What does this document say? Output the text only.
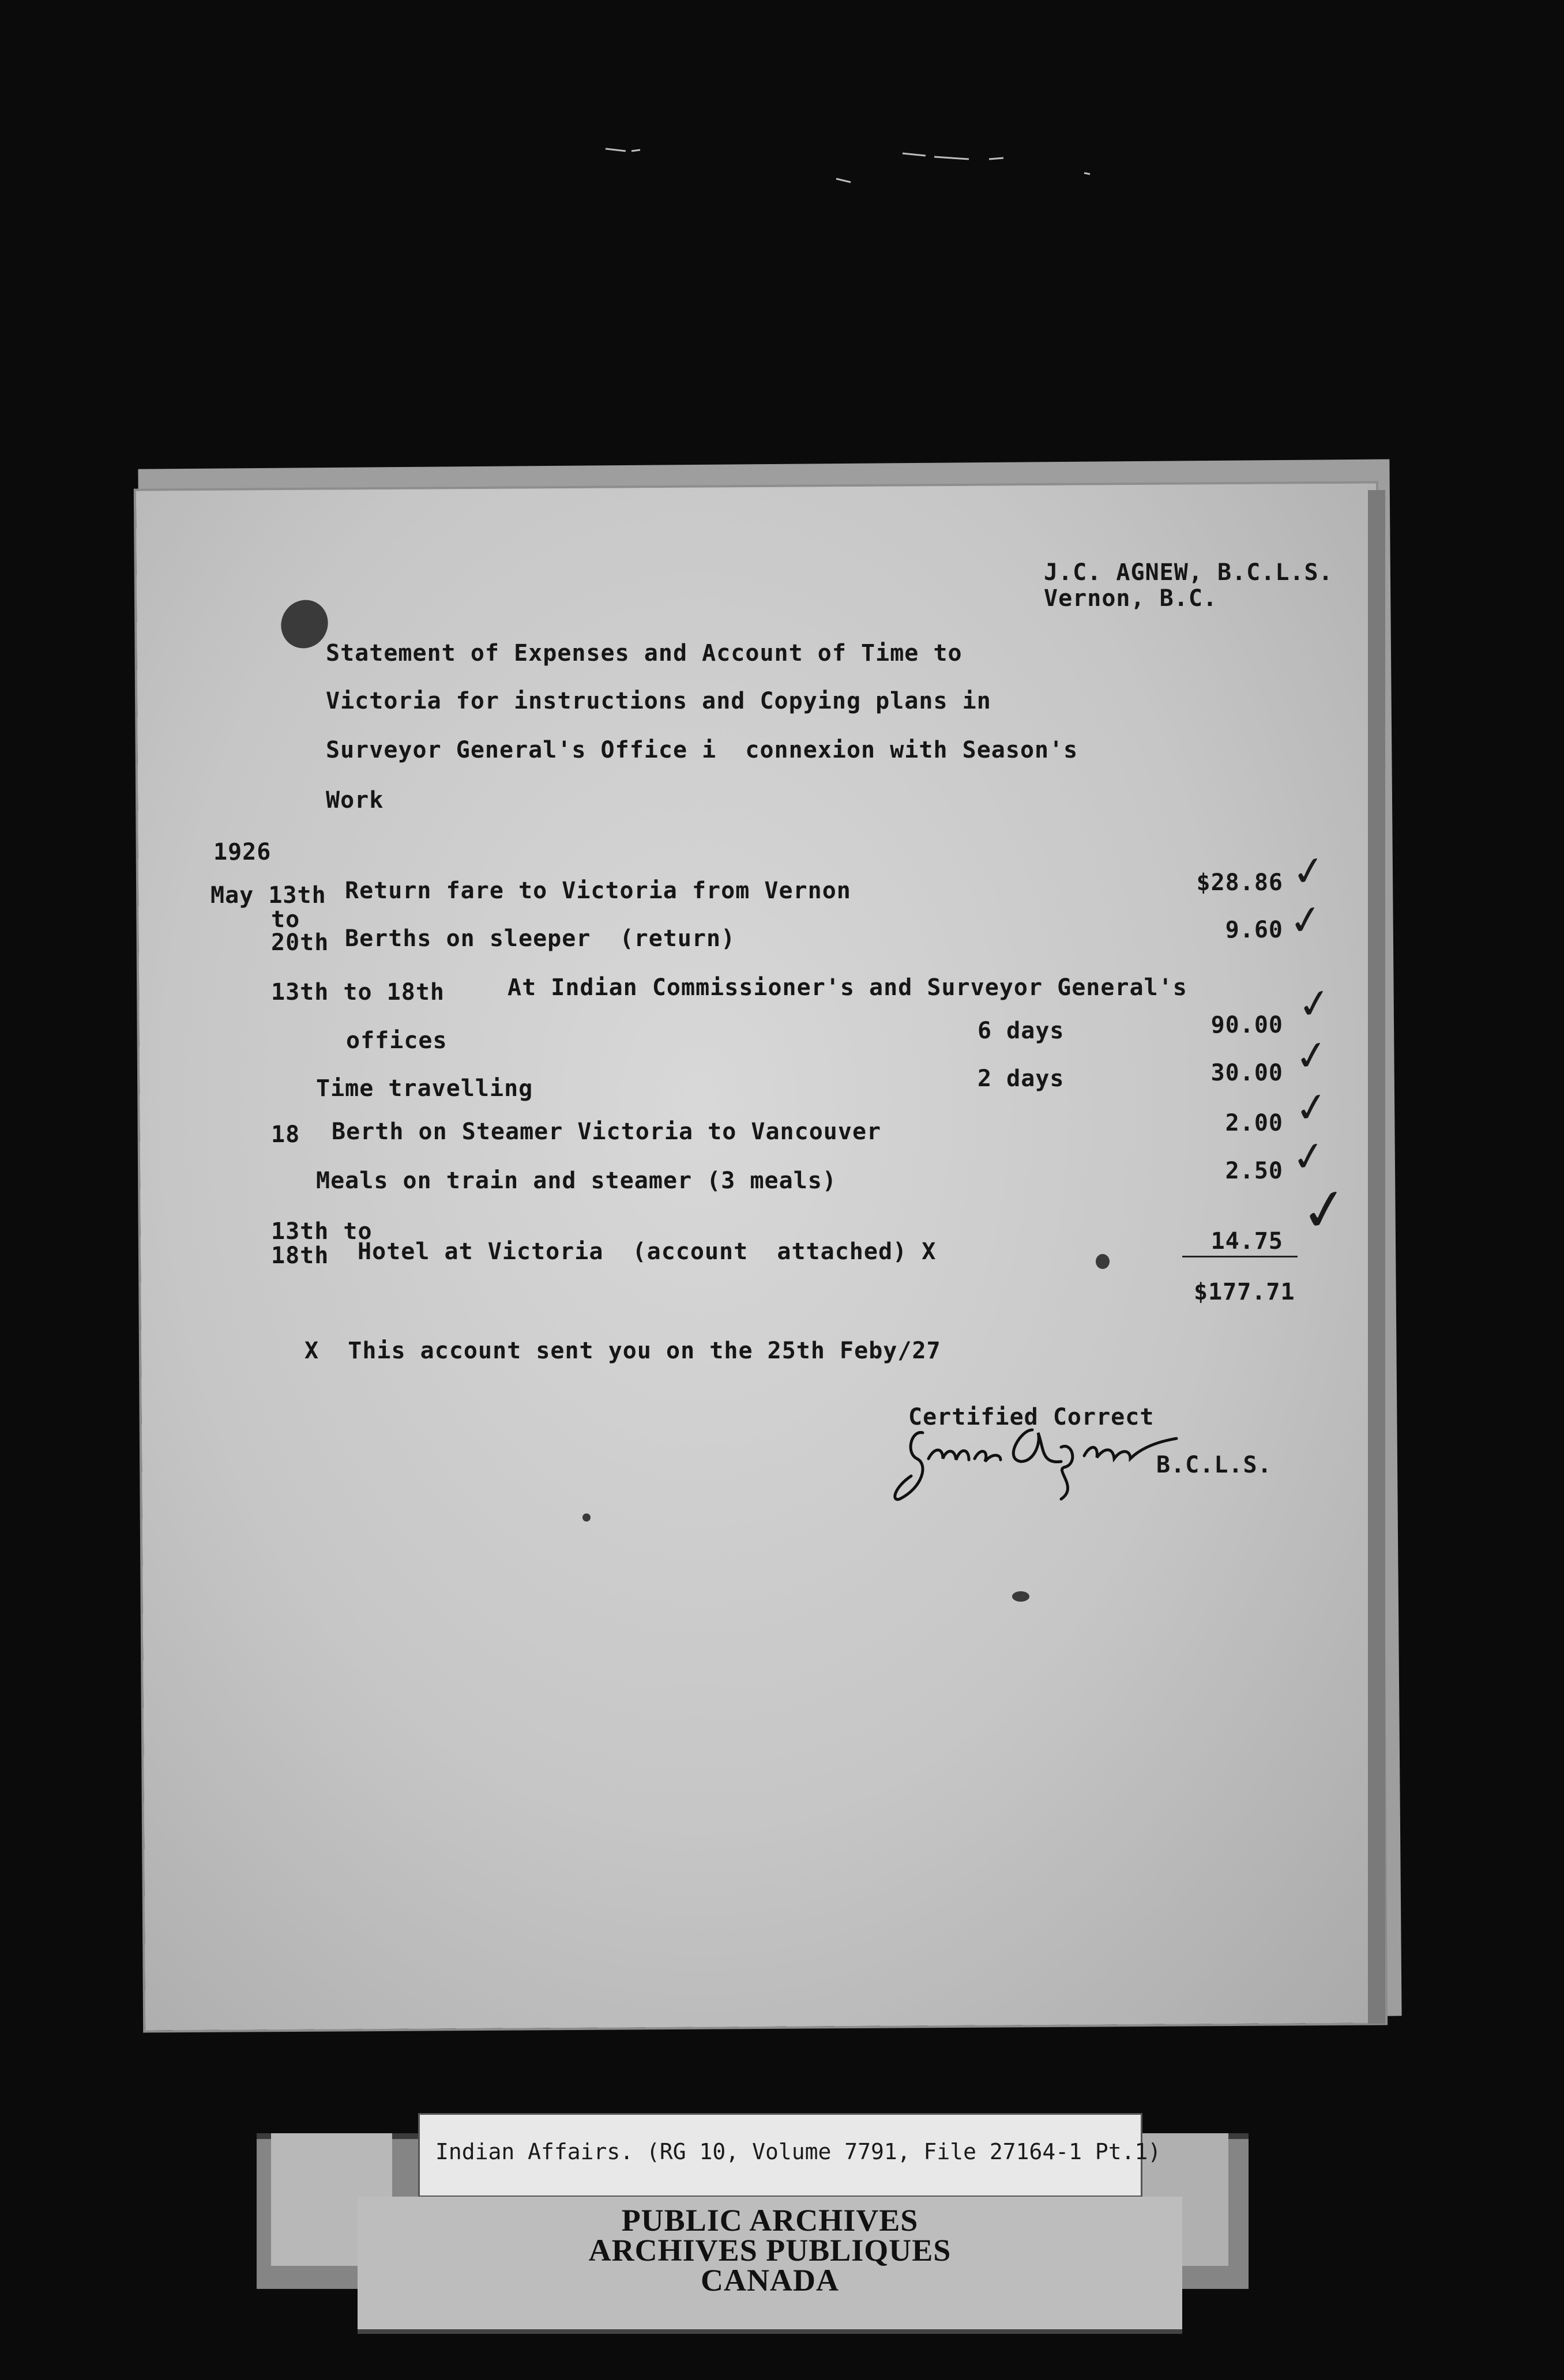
J.C. AGNEW, B.C.L.S.
Vernon, B.C.
Statement of Expenses and Account of Time to
Victoria for instructions and Copying plans in
Surveyor General's Office i  connexion with Season's
Work
1926
May 13th Return fare to Victoria from Vernon	$28.86 ✓
to
20th Berths on sleeper  (return)	9.60 ✓
13th to 18th	At Indian Commissioner's and Surveyor General's
offices	6 days	90.00 ✓
Time travelling	2 days	30.00 ✓
18 Berth on Steamer Victoria to Vancouver	2.00 ✓
Meals on train and steamer (3 meals)	2.50 ✓
13th to
18th Hotel at Victoria  (account  attached) X	14.75 ✓
$177.71
X  This account sent you on the 25th Feby/27
Certified Correct
B.C.L.S.
Indian Affairs. (RG 10, Volume 7791, File 27164-1 Pt.1)
PUBLIC ARCHIVES
ARCHIVES PUBLIQUES
CANADA
